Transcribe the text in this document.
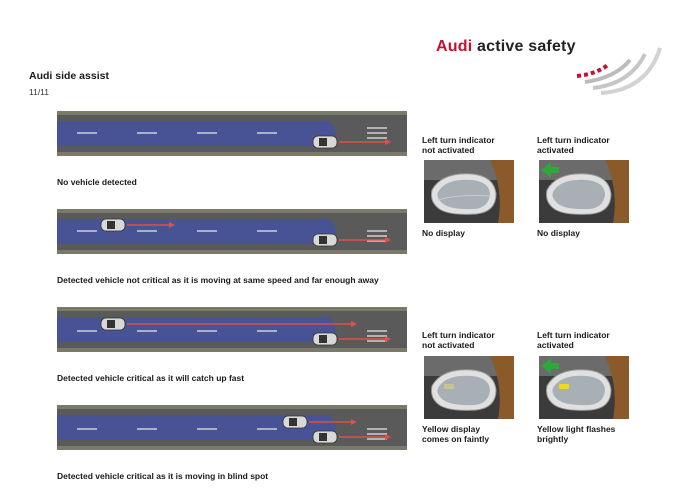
Audi active safety
Audi side assist
11/11
No vehicle detected
Detected vehicle not critical as it is moving at same speed and far enough away
Detected vehicle critical as it will catch up fast
Detected vehicle critical as it is moving in blind spot
Left turn indicator
not activated
Left turn indicator
activated
No display	No display
Left turn indicator
not activated
Left turn indicator
activated
Yellow display
comes on faintly
Yellow light flashes
brightly
